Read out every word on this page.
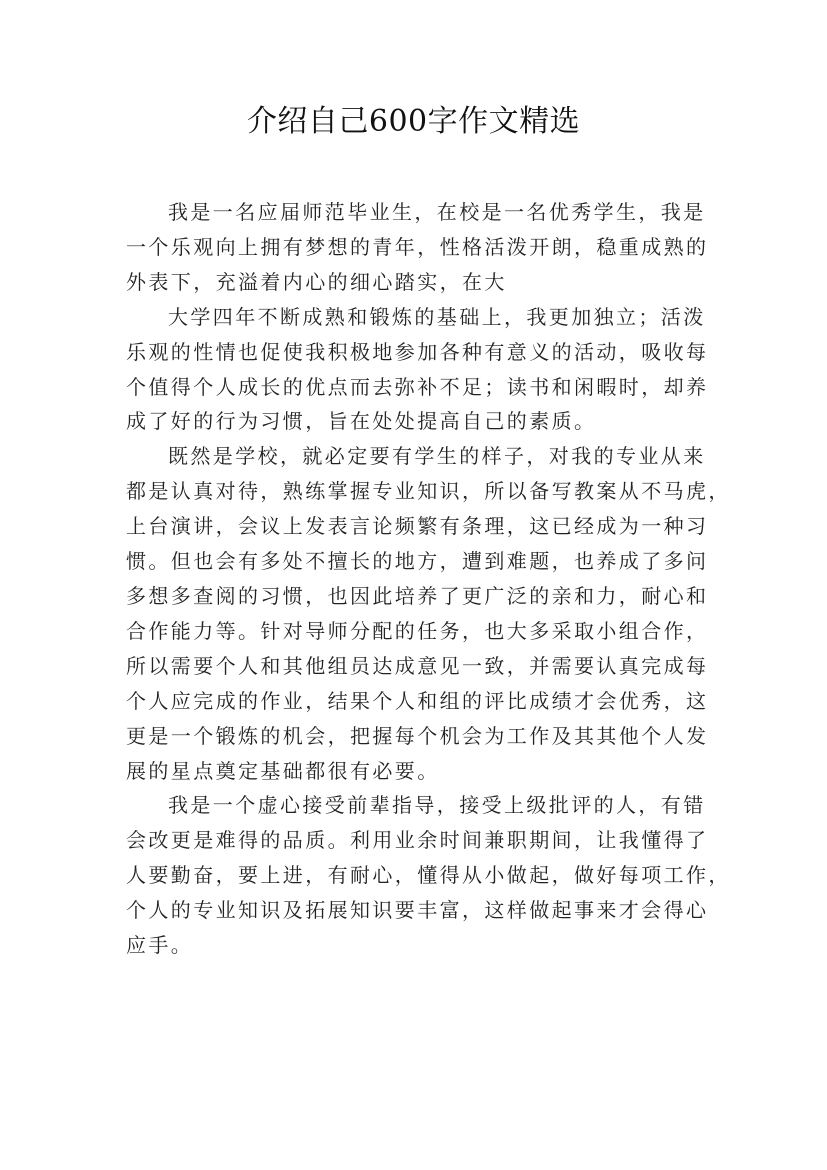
介绍自己600字作文精选

我是一名应届师范毕业生，在校是一名优秀学生，我是
一个乐观向上拥有梦想的青年，性格活泼开朗，稳重成熟的
外表下，充溢着内心的细心踏实，在大

大学四年不断成熟和锻炼的基础上，我更加独立；活泼
乐观的性情也促使我积极地参加各种有意义的活动，吸收每
个值得个人成长的优点而去弥补不足；读书和闲暇时，却养
成了好的行为习惯，旨在处处提高自己的素质。

既然是学校，就必定要有学生的样子，对我的专业从来
都是认真对待，熟练掌握专业知识，所以备写教案从不马虎，
上台演讲，会议上发表言论频繁有条理，这已经成为一种习
惯。但也会有多处不擅长的地方，遭到难题，也养成了多问
多想多查阅的习惯，也因此培养了更广泛的亲和力，耐心和
合作能力等。针对导师分配的任务，也大多采取小组合作，
所以需要个人和其他组员达成意见一致，并需要认真完成每
个人应完成的作业，结果个人和组的评比成绩才会优秀，这
更是一个锻炼的机会，把握每个机会为工作及其其他个人发
展的星点奠定基础都很有必要。

我是一个虚心接受前辈指导，接受上级批评的人，有错
会改更是难得的品质。利用业余时间兼职期间，让我懂得了
人要勤奋，要上进，有耐心，懂得从小做起，做好每项工作，
个人的专业知识及拓展知识要丰富，这样做起事来才会得心
应手。
